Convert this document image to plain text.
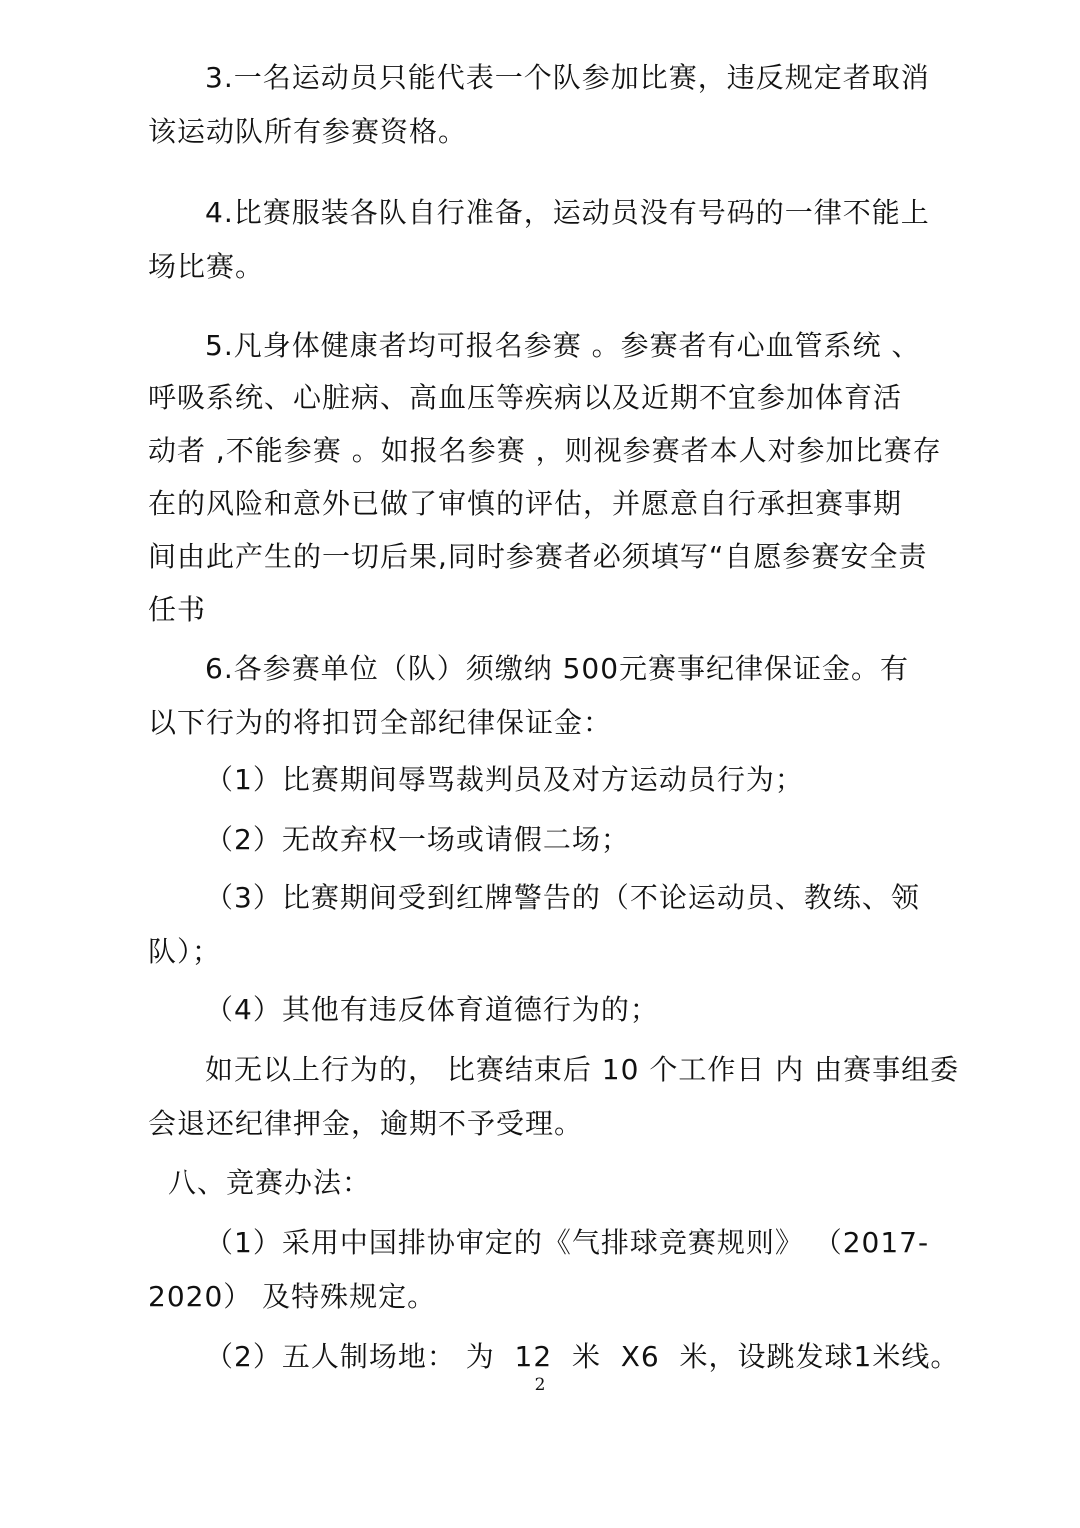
3.一名运动员只能代表一个队参加比赛，违反规定者取消
该运动队所有参赛资格。
4.比赛服装各队自行准备，运动员没有号码的一律不能上
场比赛。
5.凡身体健康者均可报名参赛 。参赛者有心血管系统 、
呼吸系统、心脏病、高血压等疾病以及近期不宜参加体育活
动者 ,不能参赛 。如报名参赛 ，则视参赛者本人对参加比赛存
在的风险和意外已做了审慎的评估，并愿意自行承担赛事期
间由此产生的一切后果,同时参赛者必须填写“自愿参赛安全责
任书
6.各参赛单位（队）须缴纳 500元赛事纪律保证金。有
以下行为的将扣罚全部纪律保证金：
（1）比赛期间辱骂裁判员及对方运动员行为；
（2）无故弃权一场或请假二场；
（3）比赛期间受到红牌警告的（不论运动员、教练、领
队）；
（4）其他有违反体育道德行为的；
如无以上行为的， 比赛结束后 10 个工作日 内 由赛事组委
会退还纪律押金，逾期不予受理。
八、竞赛办法：
（1）采用中国排协审定的《气排球竞赛规则》 （2017-
2020） 及特殊规定。
（2）五人制场地： 为  12  米  X6  米，设跳发球1米线。
2
